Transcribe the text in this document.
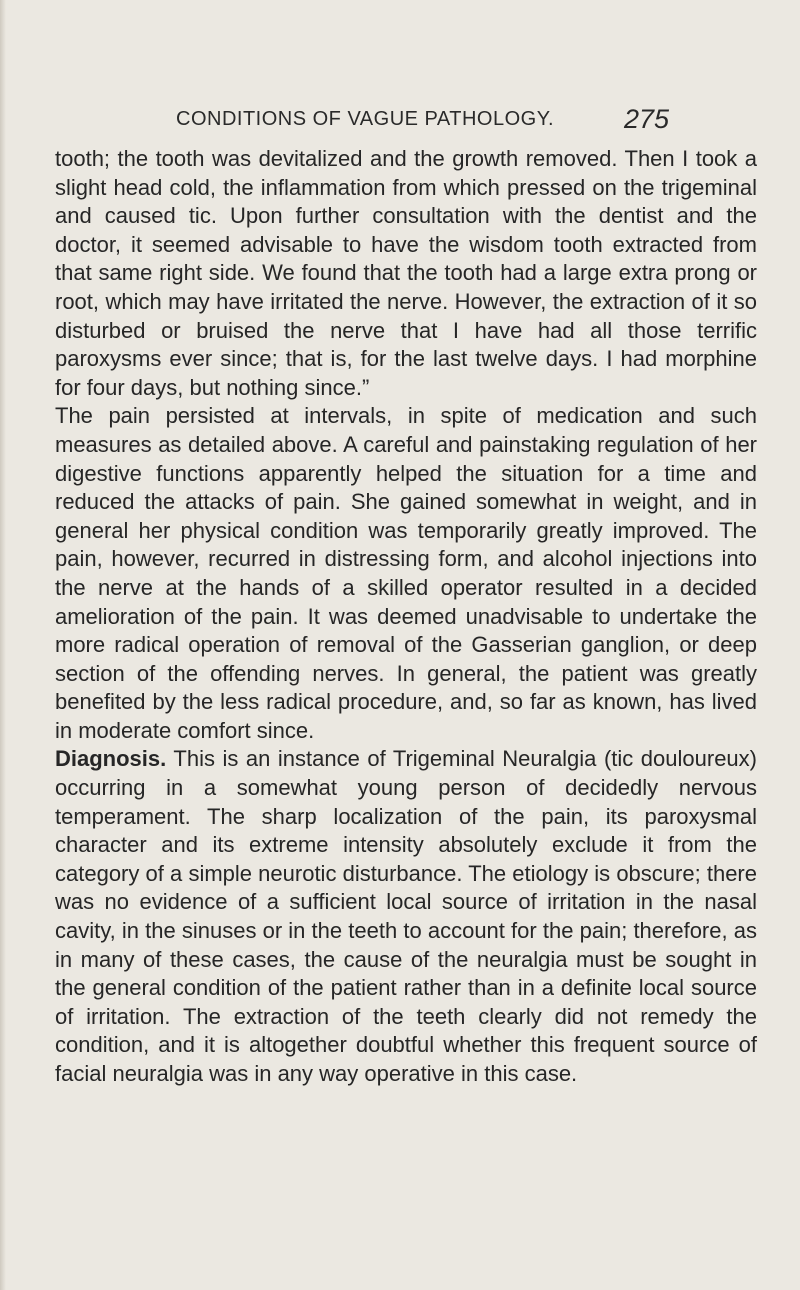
CONDITIONS OF VAGUE PATHOLOGY.	275

tooth; the tooth was devitalized and the growth removed. Then I took a slight head cold, the inflammation from which pressed on the trigeminal and caused tic. Upon further consultation with the dentist and the doctor, it seemed advisable to have the wisdom tooth extracted from that same right side. We found that the tooth had a large extra prong or root, which may have irritated the nerve. However, the extraction of it so disturbed or bruised the nerve that I have had all those terrific paroxysms ever since; that is, for the last twelve days. I had morphine for four days, but nothing since.”

The pain persisted at intervals, in spite of medication and such measures as detailed above. A careful and painstaking regulation of her digestive functions apparently helped the situation for a time and reduced the attacks of pain. She gained somewhat in weight, and in general her physical condition was temporarily greatly improved. The pain, however, recurred in distressing form, and alcohol injections into the nerve at the hands of a skilled operator resulted in a decided amelioration of the pain. It was deemed unadvisable to undertake the more radical operation of removal of the Gasserian ganglion, or deep section of the offending nerves. In general, the patient was greatly benefited by the less radical procedure, and, so far as known, has lived in moderate comfort since.

Diagnosis. This is an instance of Trigeminal Neuralgia (tic douloureux) occurring in a somewhat young person of decidedly nervous temperament. The sharp localization of the pain, its paroxysmal character and its extreme intensity absolutely exclude it from the category of a simple neurotic disturbance. The etiology is obscure; there was no evidence of a sufficient local source of irritation in the nasal cavity, in the sinuses or in the teeth to account for the pain; therefore, as in many of these cases, the cause of the neuralgia must be sought in the general condition of the patient rather than in a definite local source of irritation. The extraction of the teeth clearly did not remedy the condition, and it is altogether doubtful whether this frequent source of facial neuralgia was in any way operative in this case.
